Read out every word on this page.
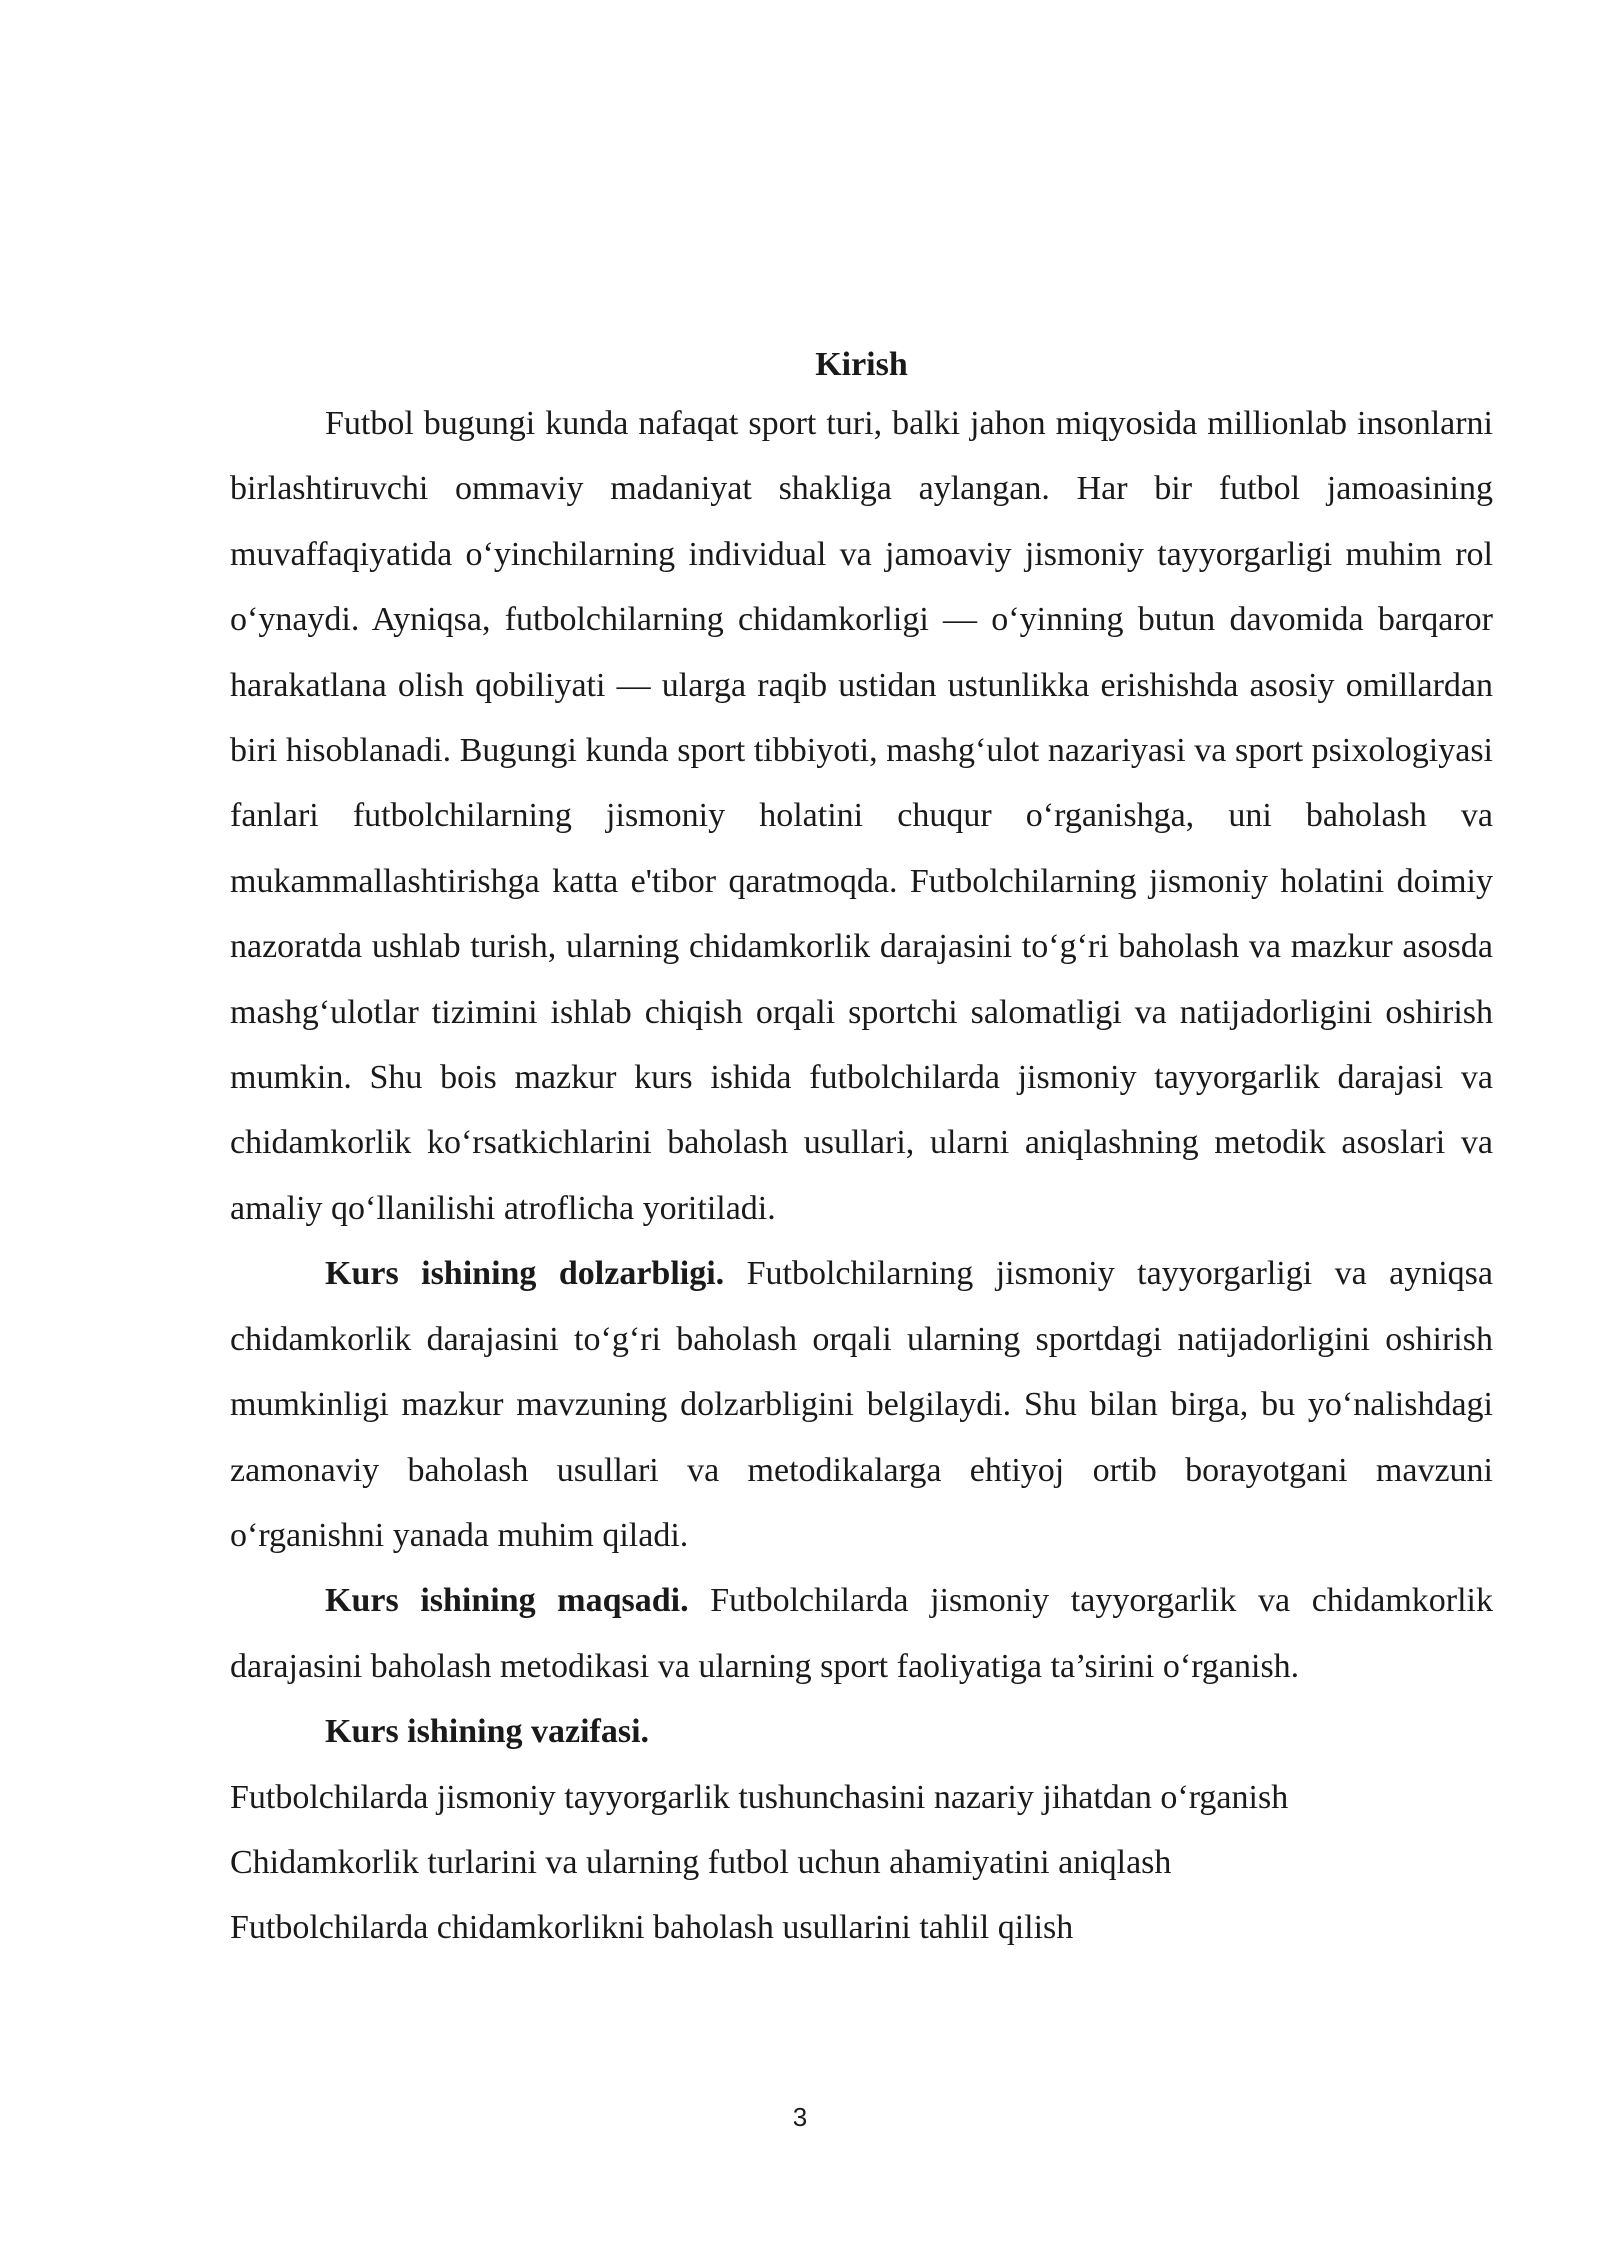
Kirish

Futbol bugungi kunda nafaqat sport turi, balki jahon miqyosida millionlab insonlarni birlashtiruvchi ommaviy madaniyat shakliga aylangan. Har bir futbol jamoasining muvaffaqiyatida o‘yinchilarning individual va jamoaviy jismoniy tayyorgarligi muhim rol o‘ynaydi. Ayniqsa, futbolchilarning chidamkorligi — o‘yinning butun davomida barqaror harakatlana olish qobiliyati — ularga raqib ustidan ustunlikka erishishda asosiy omillardan biri hisoblanadi. Bugungi kunda sport tibbiyoti, mashg‘ulot nazariyasi va sport psixologiyasi fanlari futbolchilarning jismoniy holatini chuqur o‘rganishga, uni baholash va mukammallashtirishga katta e'tibor qaratmoqda. Futbolchilarning jismoniy holatini doimiy nazoratda ushlab turish, ularning chidamkorlik darajasini to‘g‘ri baholash va mazkur asosda mashg‘ulotlar tizimini ishlab chiqish orqali sportchi salomatligi va natijadorligini oshirish mumkin. Shu bois mazkur kurs ishida futbolchilarda jismoniy tayyorgarlik darajasi va chidamkorlik ko‘rsatkichlarini baholash usullari, ularni aniqlashning metodik asoslari va amaliy qo‘llanilishi atroflicha yoritiladi.

Kurs ishining dolzarbligi. Futbolchilarning jismoniy tayyorgarligi va ayniqsa chidamkorlik darajasini to‘g‘ri baholash orqali ularning sportdagi natijadorligini oshirish mumkinligi mazkur mavzuning dolzarbligini belgilaydi. Shu bilan birga, bu yo‘nalishdagi zamonaviy baholash usullari va metodikalarga ehtiyoj ortib borayotgani mavzuni o‘rganishni yanada muhim qiladi.

Kurs ishining maqsadi. Futbolchilarda jismoniy tayyorgarlik va chidamkorlik darajasini baholash metodikasi va ularning sport faoliyatiga ta’sirini o‘rganish.

Kurs ishining vazifasi.

Futbolchilarda jismoniy tayyorgarlik tushunchasini nazariy jihatdan o‘rganish
Chidamkorlik turlarini va ularning futbol uchun ahamiyatini aniqlash
Futbolchilarda chidamkorlikni baholash usullarini tahlil qilish
3
